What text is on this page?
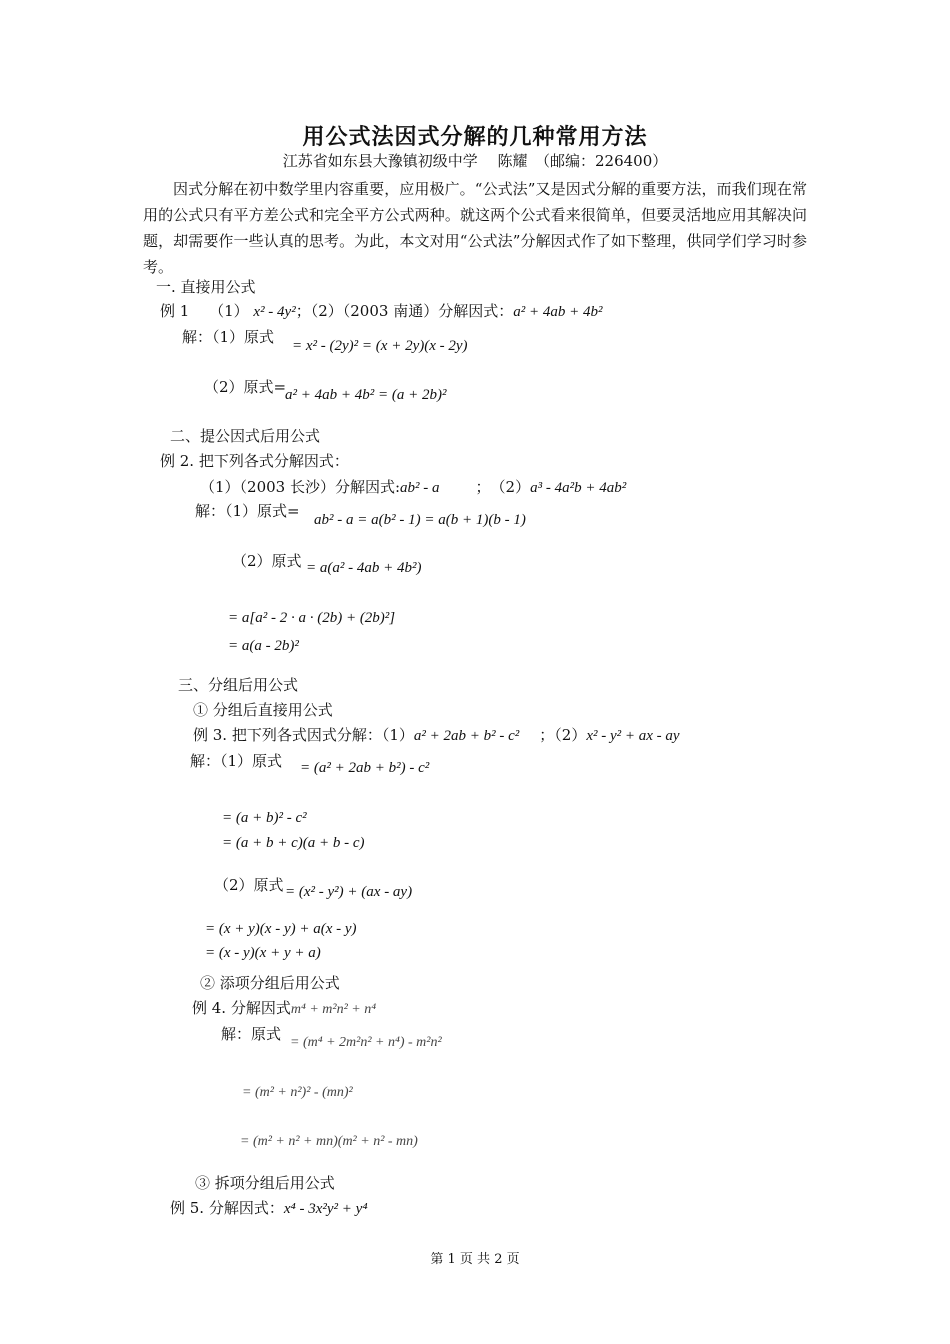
用公式法因式分解的几种常用方法
江苏省如东县大豫镇初级中学　 陈耀　（邮编：226400）

因式分解在初中数学里内容重要，应用极广。“公式法”又是因式分解的重要方法，而我们现在常用的公式只有平方差公式和完全平方公式两种。就这两个公式看来很简单，但要灵活地应用其解决问题，却需要作一些认真的思考。为此，本文对用“公式法”分解因式作了如下整理，供同学们学习时参考。

一. 直接用公式
例 1　 （1） x² - 4y²；（2）（2003 南通）分解因式：a² + 4ab + 4b²
解：（1）原式 = x² - (2y)² = (x + 2y)(x - 2y)
（2）原式=
a² + 4ab + 4b² = (a + 2b)²
二、提公因式后用公式
例 2. 把下列各式分解因式：
（1）（2003 长沙）分解因式:ab² - a ；　（2）a³ - 4a²b + 4ab²
解：（1）原式= ab² - a = a(b² - 1) = a(b + 1)(b - 1)
（2）原式 = a(a² - 4ab + 4b²)
= a[a² - 2 · a · (2b) + (2b)²]
= a(a - 2b)²
三、分组后用公式
① 分组后直接用公式
例 3. 把下列各式因式分解：（1）a² + 2ab + b² - c² ；（2）x² - y² + ax - ay
解：（1）原式 = (a² + 2ab + b²) - c²
= (a + b)² - c²
= (a + b + c)(a + b - c)
（2）原式 = (x² - y²) + (ax - ay)
= (x + y)(x - y) + a(x - y)
= (x - y)(x + y + a)
② 添项分组后用公式
例 4. 分解因式m⁴ + m²n² + n⁴
解：原式 = (m⁴ + 2m²n² + n⁴) - m²n²
= (m² + n²)² - (mn)²
= (m² + n² + mn)(m² + n² - mn)
③ 拆项分组后用公式
例 5. 分解因式：x⁴ - 3x²y² + y⁴
第 1 页 共 2 页
